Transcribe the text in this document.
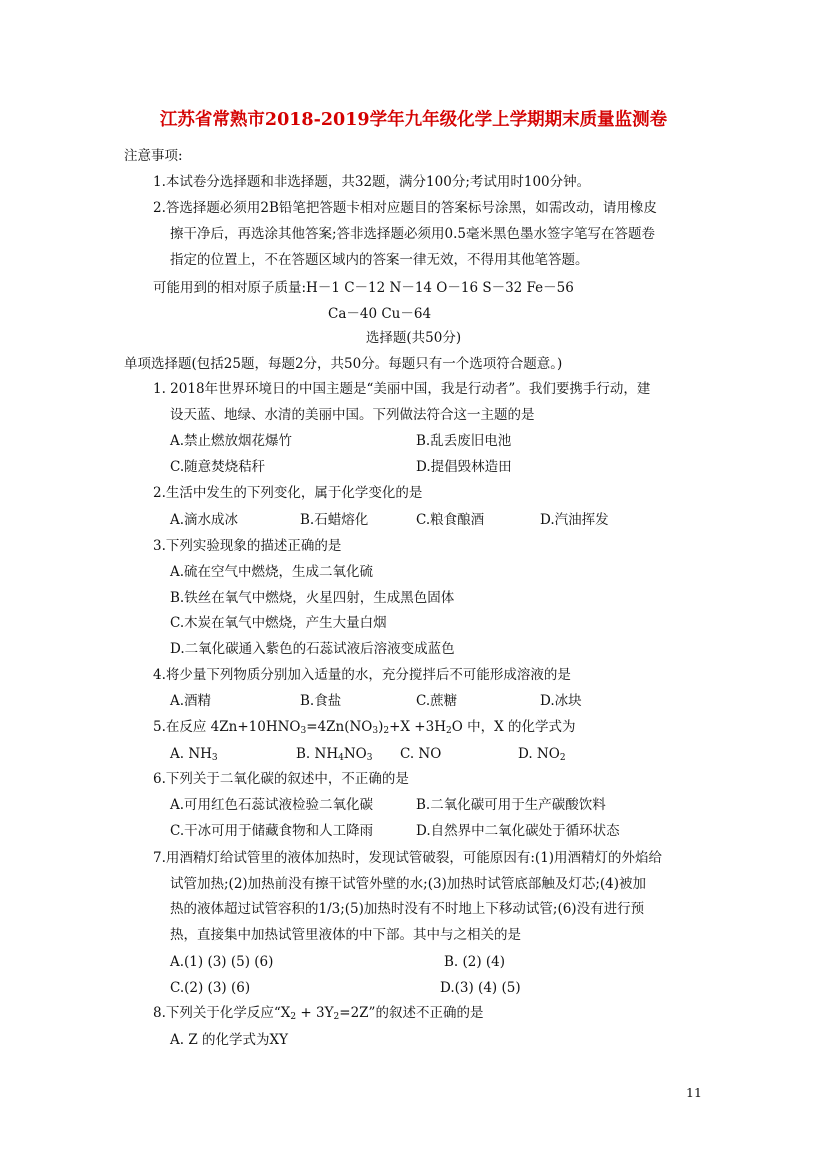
江苏省常熟市2018-2019学年九年级化学上学期期末质量监测卷
注意事项:
1.本试卷分选择题和非选择题，共32题，满分100分;考试用时100分钟。
2.答选择题必须用2B铅笔把答题卡相对应题目的答案标号涂黑，如需改动，请用橡皮
擦干净后，再选涂其他答案;答非选择题必须用0.5毫米黑色墨水签字笔写在答题卷
指定的位置上，不在答题区域内的答案一律无效，不得用其他笔答题。
可能用到的相对原子质量:H－1 C－12 N－14 O－16 S－32 Fe－56
Ca－40 Cu－64
选择题(共50分)
单项选择题(包括25题，每题2分，共50分。每题只有一个选项符合题意。)
1. 2018年世界环境日的中国主题是“美丽中国，我是行动者”。我们要携手行动，建
设天蓝、地绿、水清的美丽中国。下列做法符合这一主题的是
A.禁止燃放烟花爆竹	B.乱丢废旧电池
C.随意焚烧秸秆	D.提倡毁林造田
2.生活中发生的下列变化，属于化学变化的是
A.滴水成冰	B.石蜡熔化	C.粮食酿酒	D.汽油挥发
3.下列实验现象的描述正确的是
A.硫在空气中燃烧，生成二氧化硫
B.铁丝在氧气中燃烧，火星四射，生成黑色固体
C.木炭在氧气中燃烧，产生大量白烟
D.二氧化碳通入紫色的石蕊试液后溶液变成蓝色
4.将少量下列物质分别加入适量的水，充分搅拌后不可能形成溶液的是
A.酒精	B.食盐	C.蔗糖	D.冰块
5.在反应 $4Zn+10HNO_3=4Zn(NO_3)_2+X +3H_2O$ 中，X 的化学式为
A. $NH_3$	B. $NH_4NO_3$ C. NO	D. $NO_2$
6.下列关于二氧化碳的叙述中，不正确的是
A.可用红色石蕊试液检验二氧化碳	B.二氧化碳可用于生产碳酸饮料
C.干冰可用于储藏食物和人工降雨	D.自然界中二氧化碳处于循环状态
7.用酒精灯给试管里的液体加热时，发现试管破裂，可能原因有:(1)用酒精灯的外焰给
试管加热;(2)加热前没有擦干试管外壁的水;(3)加热时试管底部触及灯芯;(4)被加
热的液体超过试管容积的1/3;(5)加热时没有不时地上下移动试管;(6)没有进行预
热，直接集中加热试管里液体的中下部。其中与之相关的是
A.(1) (3) (5) (6)	B. (2) (4)
C.(2) (3) (6)	D.(3) (4) (5)
8.下列关于化学反应“$X_2 + 3Y_2=2Z$”的叙述不正确的是
A. Z 的化学式为XY
11
